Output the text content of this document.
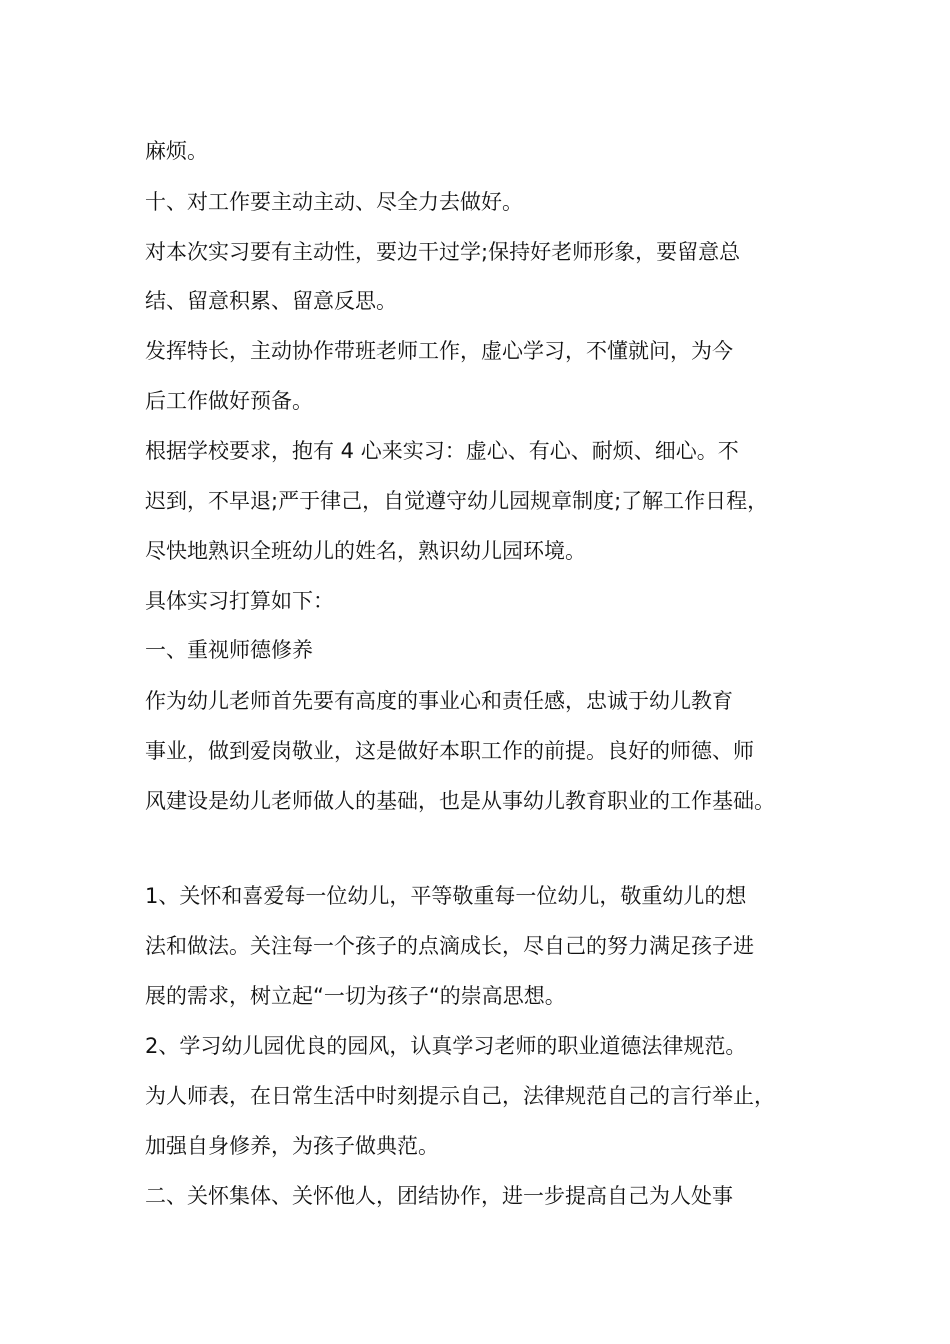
麻烦。

十、对工作要主动主动、尽全力去做好。

对本次实习要有主动性，要边干过学;保持好老师形象，要留意总

结、留意积累、留意反思。

发挥特长，主动协作带班老师工作，虚心学习，不懂就问，为今

后工作做好预备。

根据学校要求，抱有 4 心来实习：虚心、有心、耐烦、细心。不

迟到，不早退;严于律己，自觉遵守幼儿园规章制度;了解工作日程，

尽快地熟识全班幼儿的姓名，熟识幼儿园环境。

具体实习打算如下：

一、重视师德修养

作为幼儿老师首先要有高度的事业心和责任感，忠诚于幼儿教育

事业，做到爱岗敬业，这是做好本职工作的前提。良好的师德、师

风建设是幼儿老师做人的基础，也是从事幼儿教育职业的工作基础。

1、关怀和喜爱每一位幼儿，平等敬重每一位幼儿，敬重幼儿的想

法和做法。关注每一个孩子的点滴成长，尽自己的努力满足孩子进

展的需求，树立起“一切为孩子“的崇高思想。

2、学习幼儿园优良的园风，认真学习老师的职业道德法律规范。

为人师表，在日常生活中时刻提示自己，法律规范自己的言行举止，

加强自身修养，为孩子做典范。

二、关怀集体、关怀他人，团结协作，进一步提高自己为人处事
